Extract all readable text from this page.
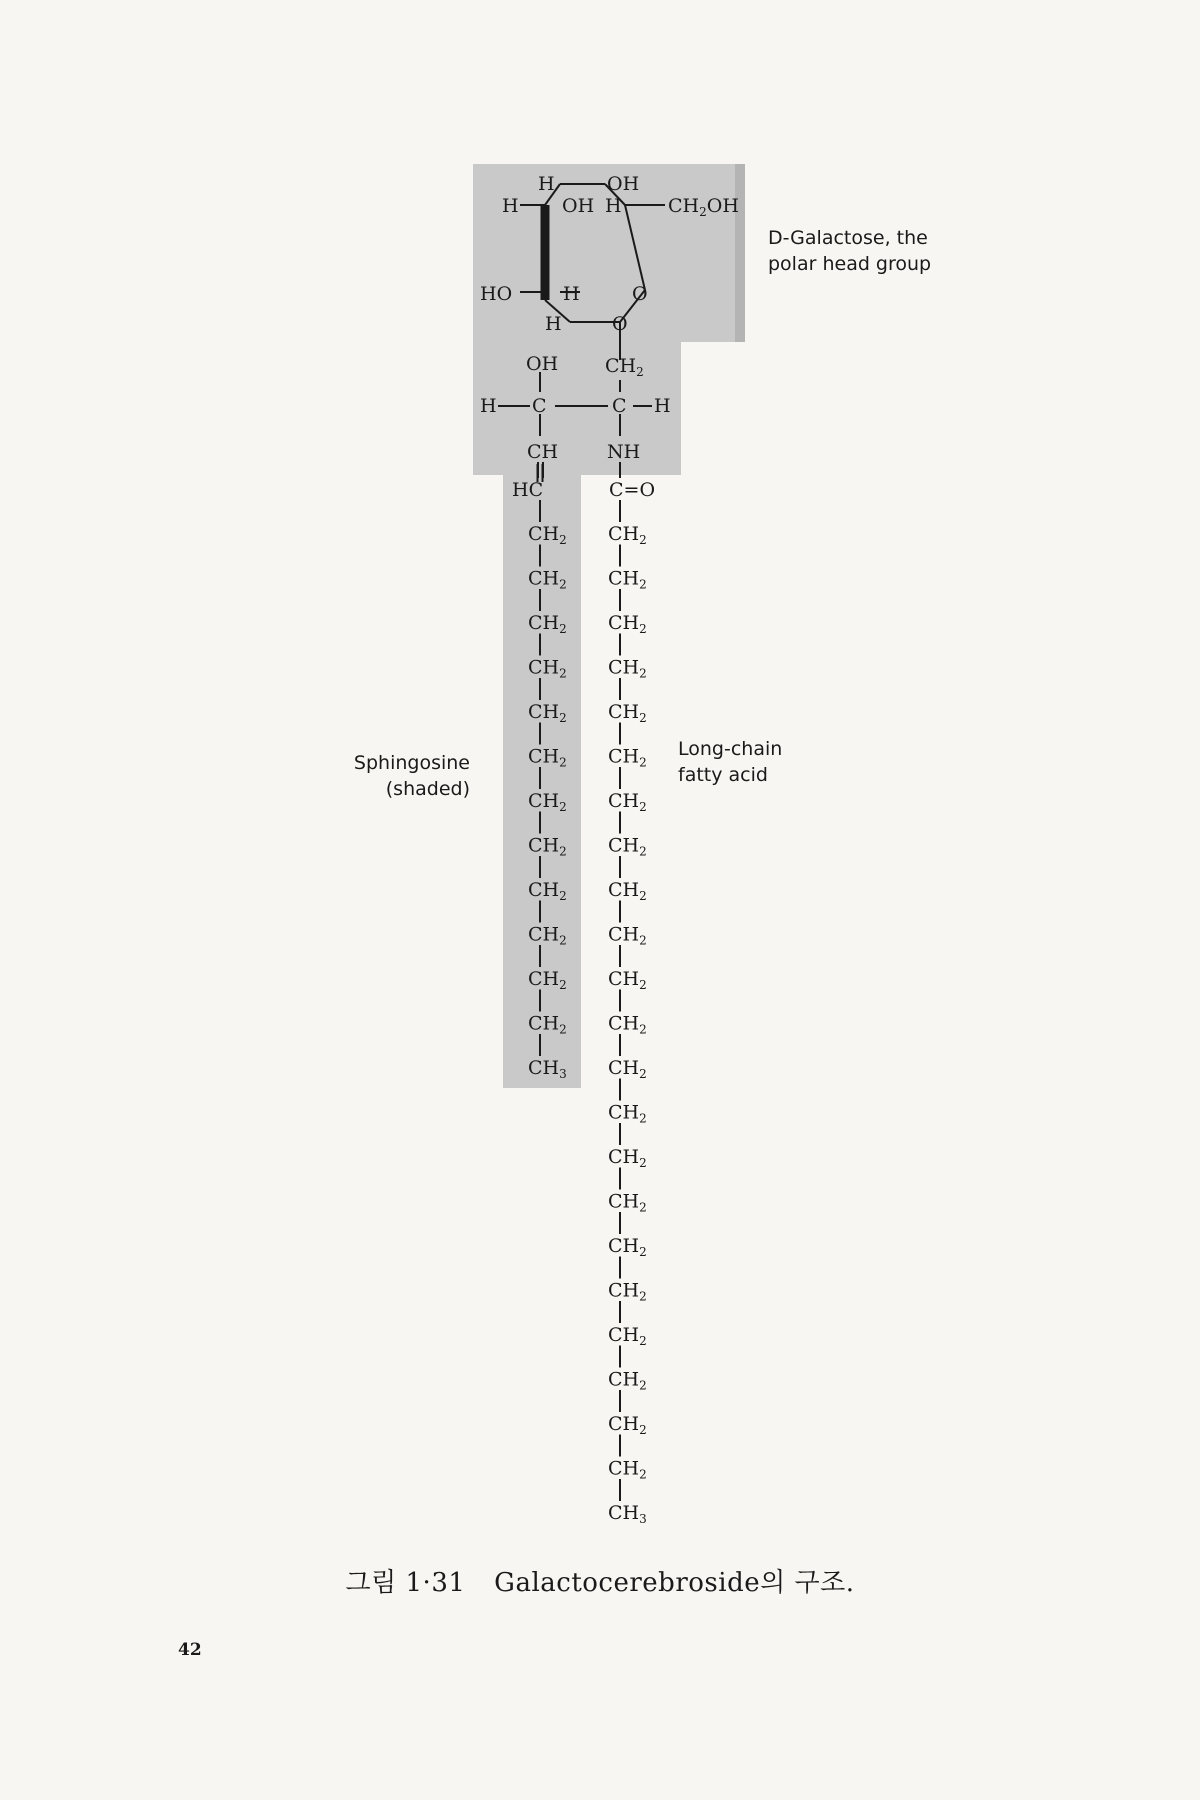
H	OH
H OH H $CH_2OH$
HO	H	O
H	O
OH $CH_2$
H C	C H
CH	NH
HC	C=O
$CH_2$
$CH_2$
$CH_2$
$CH_2$
$CH_2$
$CH_2$
$CH_2$
$CH_2$
$CH_2$
$CH_2$
$CH_2$
$CH_2$
$CH_3$
$CH_2$
$CH_2$
$CH_2$
$CH_2$
$CH_2$
$CH_2$
$CH_2$
$CH_2$
$CH_2$
$CH_2$
$CH_2$
$CH_2$
$CH_2$
$CH_2$
$CH_2$
$CH_2$
$CH_2$
$CH_2$
$CH_2$
$CH_2$
$CH_2$
$CH_2$
$CH_3$
D-Galactose, the
polar head group
Sphingosine
(shaded)
Long-chain
fatty acid
그림 1·31 Galactocerebroside의 구조.
42
